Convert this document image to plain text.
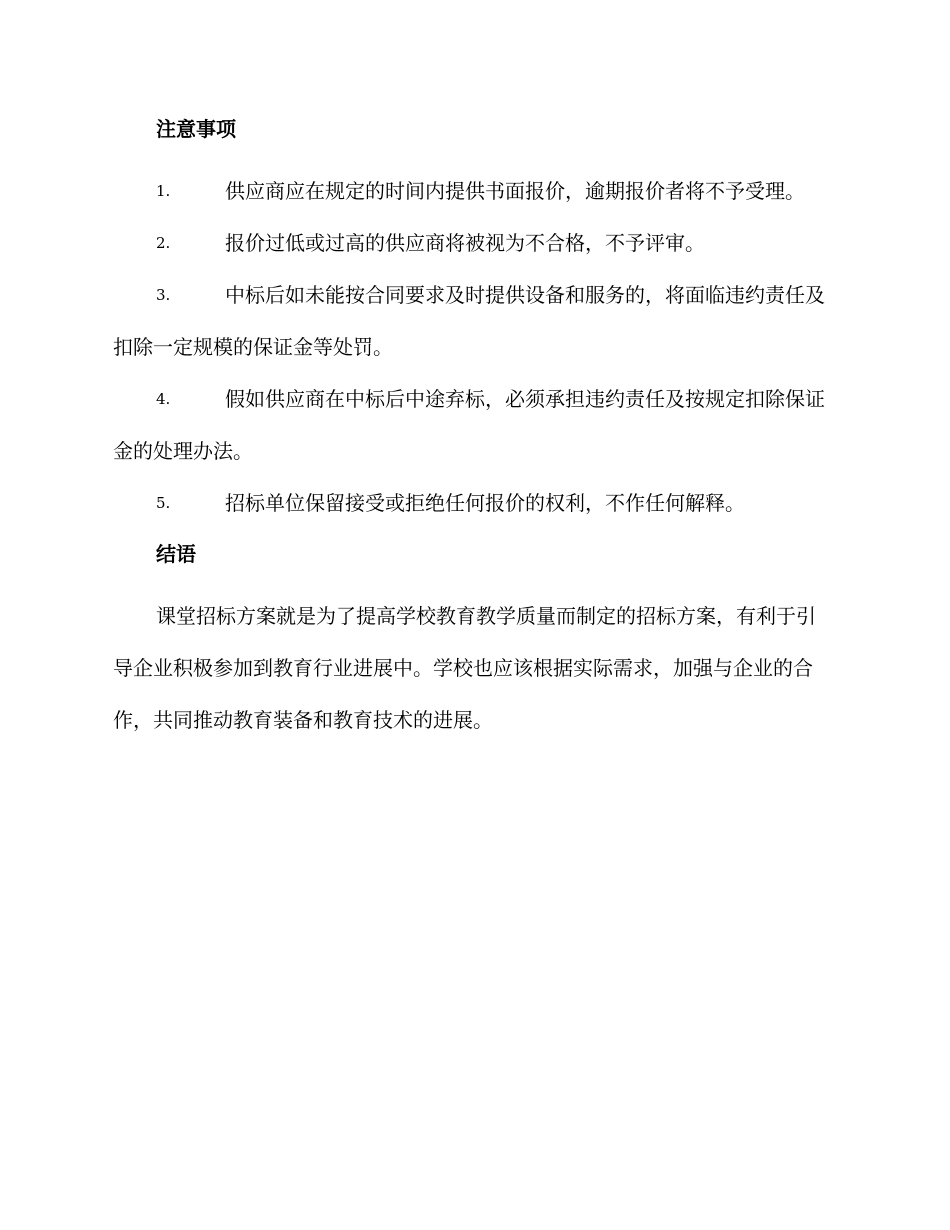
注意事项

1.	供应商应在规定的时间内提供书面报价，逾期报价者将不予受理。

2.	报价过低或过高的供应商将被视为不合格，不予评审。

3.	中标后如未能按合同要求及时提供设备和服务的，将面临违约责任及扣除一定规模的保证金等处罚。

4.	假如供应商在中标后中途弃标，必须承担违约责任及按规定扣除保证金的处理办法。

5.	招标单位保留接受或拒绝任何报价的权利，不作任何解释。

结语

课堂招标方案就是为了提高学校教育教学质量而制定的招标方案，有利于引导企业积极参加到教育行业进展中。学校也应该根据实际需求，加强与企业的合作，共同推动教育装备和教育技术的进展。
